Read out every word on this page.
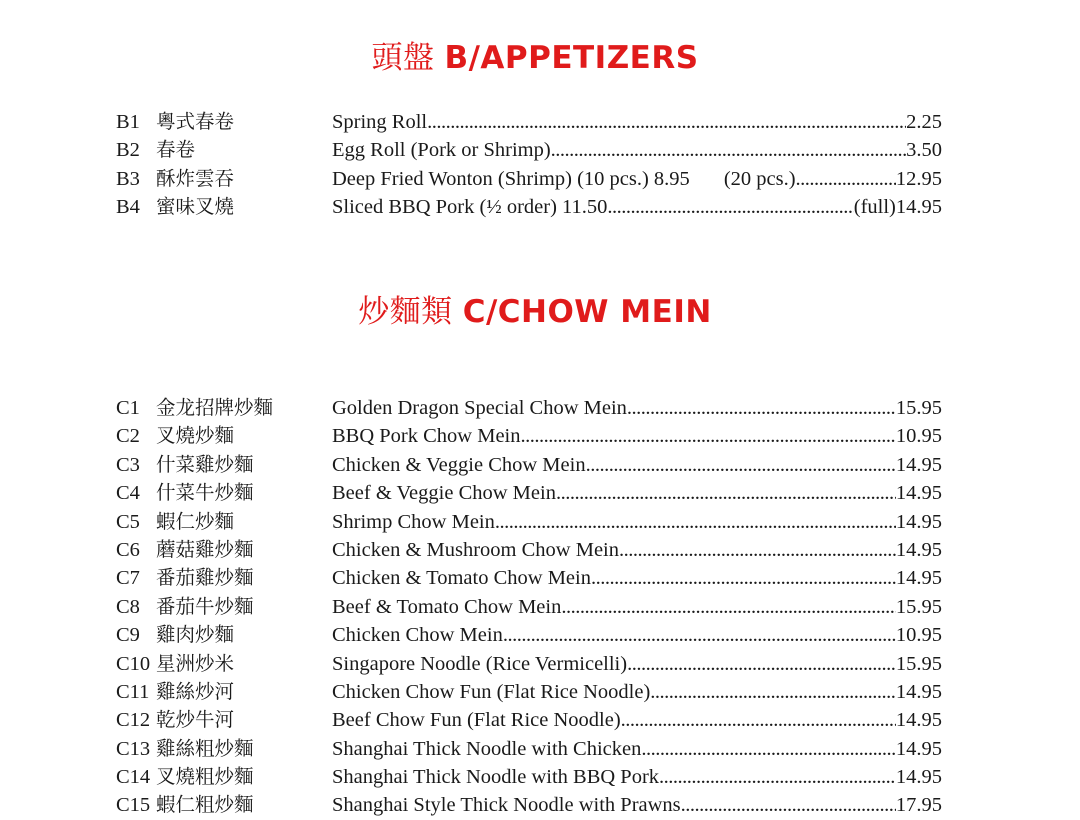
頭盤 B/APPETIZERS
B1 粵式春卷	Spring Roll .....	2.25
B2 春卷	Egg Roll (Pork or Shrimp) .....	3.50
B3 酥炸雲吞	Deep Fried Wonton (Shrimp) (10 pcs.) 8.95 (20 pcs.) .....	12.95
B4 蜜味叉燒	Sliced BBQ Pork (½ order) 11.50 .....	(full)14.95
炒麵類 C/CHOW MEIN
C1 金龙招牌炒麵	Golden Dragon Special Chow Mein .....	15.95
C2 叉燒炒麵	BBQ Pork Chow Mein .....	10.95
C3 什菜雞炒麵	Chicken & Veggie Chow Mein .....	14.95
C4 什菜牛炒麵	Beef & Veggie Chow Mein .....	14.95
C5 蝦仁炒麵	Shrimp Chow Mein .....	14.95
C6 蘑菇雞炒麵	Chicken & Mushroom Chow Mein .....	14.95
C7 番茄雞炒麵	Chicken & Tomato Chow Mein .....	14.95
C8 番茄牛炒麵	Beef & Tomato Chow Mein .....	15.95
C9 雞肉炒麵	Chicken Chow Mein .....	10.95
C10 星洲炒米	Singapore Noodle (Rice Vermicelli) .....	15.95
C11 雞絲炒河	Chicken Chow Fun (Flat Rice Noodle) .....	14.95
C12 乾炒牛河	Beef Chow Fun (Flat Rice Noodle) .....	14.95
C13 雞絲粗炒麵	Shanghai Thick Noodle with Chicken .....	14.95
C14 叉燒粗炒麵	Shanghai Thick Noodle with BBQ Pork .....	14.95
C15 蝦仁粗炒麵	Shanghai Style Thick Noodle with Prawns .....	17.95
